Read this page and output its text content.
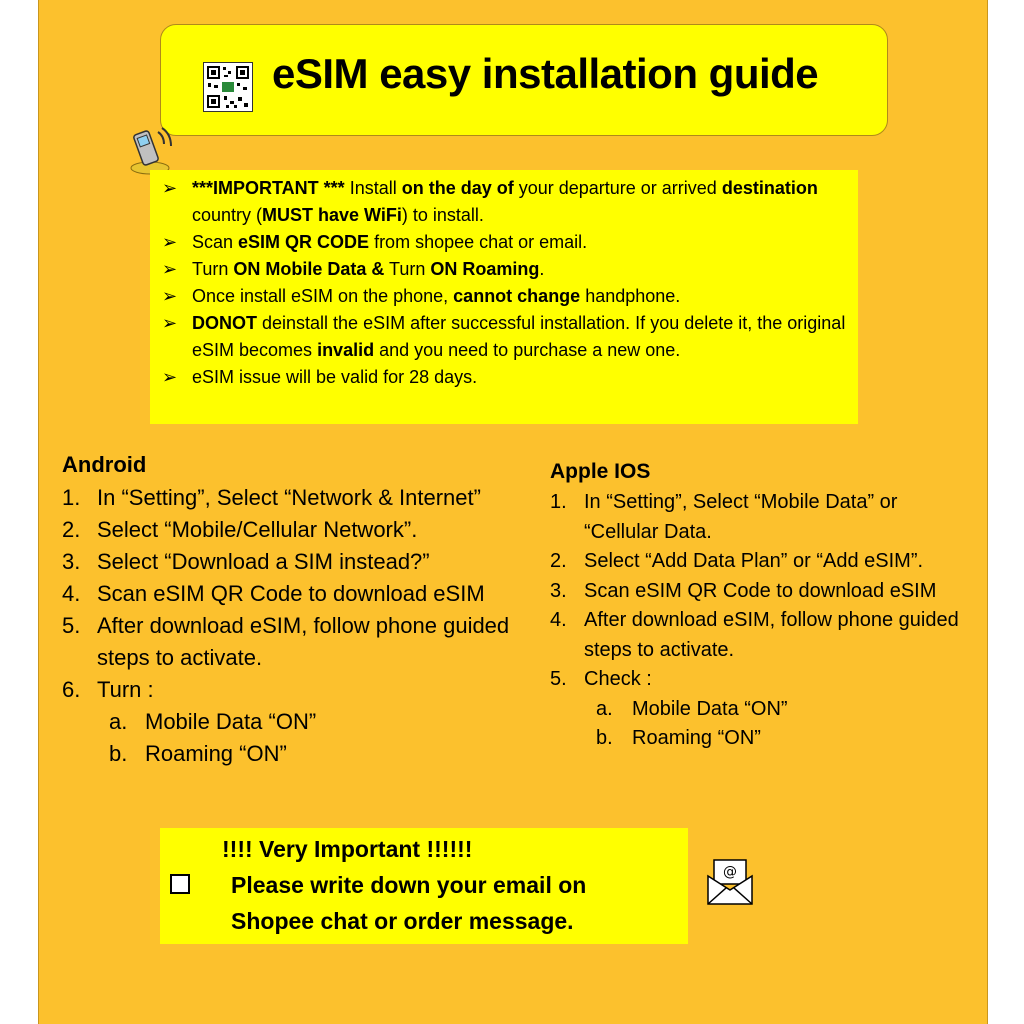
eSIM easy installation guide
➢ ***IMPORTANT *** Install on the day of your departure or arrived destination country (MUST have WiFi) to install.
➢ Scan eSIM QR CODE from shopee chat or email.
➢ Turn ON Mobile Data & Turn ON Roaming.
➢ Once install eSIM on the phone, cannot change handphone.
➢ DONOT deinstall the eSIM after successful installation. If you delete it, the original eSIM becomes invalid and you need to purchase a new one.
➢ eSIM issue will be valid for 28 days.
Android
1. In “Setting”, Select “Network & Internet”
2. Select “Mobile/Cellular Network”.
3. Select “Download a SIM instead?”
4. Scan eSIM QR Code to download eSIM
5. After download eSIM, follow phone guided steps to activate.
6. Turn :
a. Mobile Data “ON”
b. Roaming “ON”
Apple IOS
1. In “Setting”, Select “Mobile Data” or “Cellular Data.
2. Select “Add Data Plan” or “Add eSIM”.
3. Scan eSIM QR Code to download eSIM
4. After download eSIM, follow phone guided steps to activate.
5. Check :
a. Mobile Data “ON”
b. Roaming “ON”
!!!! Very Important !!!!!!
Please write down your email on
Shopee chat or order message.
@
